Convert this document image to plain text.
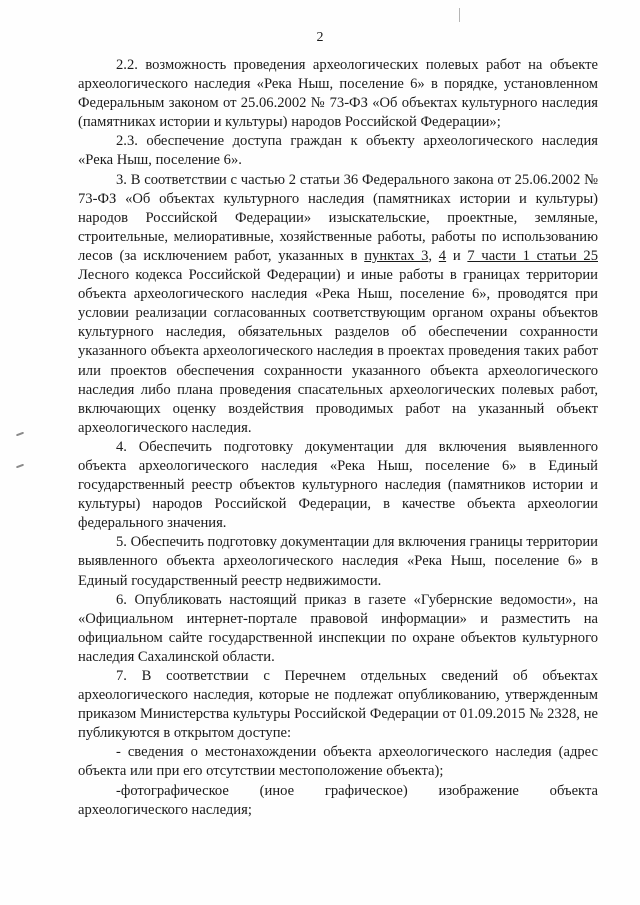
2

2.2. возможность проведения археологических полевых работ на объекте археологического наследия «Река Ныш, поселение 6» в порядке, установленном Федеральным законом от 25.06.2002 № 73-ФЗ «Об объектах культурного наследия (памятниках истории и культуры) народов Российской Федерации»;

2.3. обеспечение доступа граждан к объекту археологического наследия «Река Ныш, поселение 6».

3. В соответствии с частью 2 статьи 36 Федерального закона от 25.06.2002 № 73-ФЗ «Об объектах культурного наследия (памятниках истории и культуры) народов Российской Федерации» изыскательские, проектные, земляные, строительные, мелиоративные, хозяйственные работы, работы по использованию лесов (за исключением работ, указанных в пунктах 3, 4 и 7 части 1 статьи 25 Лесного кодекса Российской Федерации) и иные работы в границах территории объекта археологического наследия «Река Ныш, поселение 6», проводятся при условии реализации согласованных соответствующим органом охраны объектов культурного наследия, обязательных разделов об обеспечении сохранности указанного объекта археологического наследия в проектах проведения таких работ или проектов обеспечения сохранности указанного объекта археологического наследия либо плана проведения спасательных археологических полевых работ, включающих оценку воздействия проводимых работ на указанный объект археологического наследия.

4. Обеспечить подготовку документации для включения выявленного объекта археологического наследия «Река Ныш, поселение 6» в Единый государственный реестр объектов культурного наследия (памятников истории и культуры) народов Российской Федерации, в качестве объекта археологии федерального значения.

5. Обеспечить подготовку документации для включения границы территории выявленного объекта археологического наследия «Река Ныш, поселение 6» в Единый государственный реестр недвижимости.

6. Опубликовать настоящий приказ в газете «Губернские ведомости», на «Официальном интернет-портале правовой информации» и разместить на официальном сайте государственной инспекции по охране объектов культурного наследия Сахалинской области.

7. В соответствии с Перечнем отдельных сведений об объектах археологического наследия, которые не подлежат опубликованию, утвержденным приказом Министерства культуры Российской Федерации от 01.09.2015 № 2328, не публикуются в открытом доступе:

- сведения о местонахождении объекта археологического наследия (адрес объекта или при его отсутствии местоположение объекта);

-фотографическое (иное графическое) изображение объекта археологического наследия;
